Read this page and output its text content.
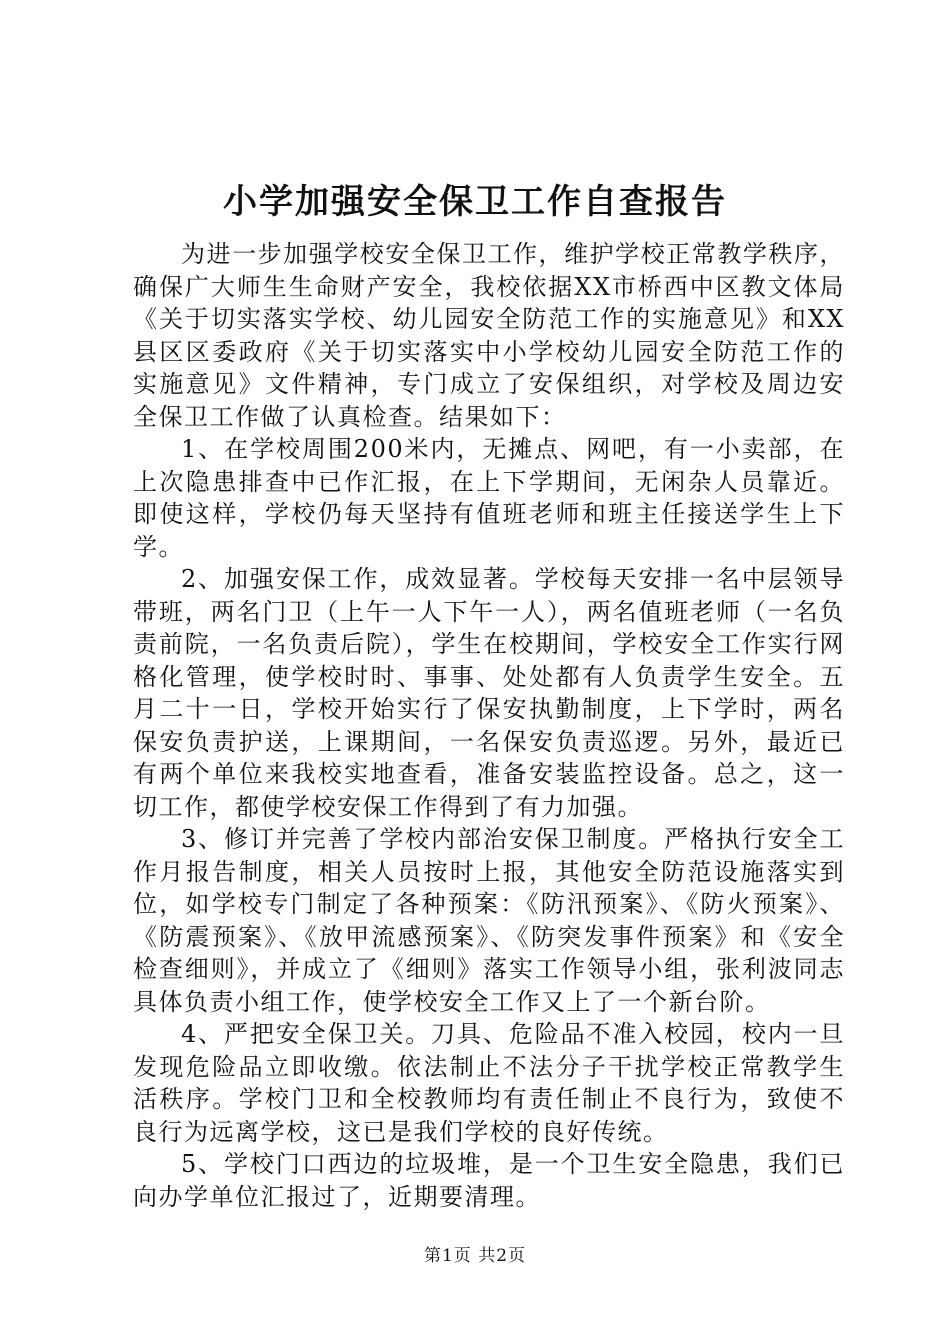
小学加强安全保卫工作自查报告

为进一步加强学校安全保卫工作，维护学校正常教学秩序，确保广大师生生命财产安全，我校依据XX市桥西中区教文体局《关于切实落实学校、幼儿园安全防范工作的实施意见》和XX县区区委政府《关于切实落实中小学校幼儿园安全防范工作的实施意见》文件精神，专门成立了安保组织，对学校及周边安全保卫工作做了认真检查。结果如下：

1、在学校周围200米内，无摊点、网吧，有一小卖部，在上次隐患排查中已作汇报，在上下学期间，无闲杂人员靠近。即使这样，学校仍每天坚持有值班老师和班主任接送学生上下学。

2、加强安保工作，成效显著。学校每天安排一名中层领导带班，两名门卫（上午一人下午一人），两名值班老师（一名负责前院，一名负责后院），学生在校期间，学校安全工作实行网格化管理，使学校时时、事事、处处都有人负责学生安全。五月二十一日，学校开始实行了保安执勤制度，上下学时，两名保安负责护送，上课期间，一名保安负责巡逻。另外，最近已有两个单位来我校实地查看，准备安装监控设备。总之，这一切工作，都使学校安保工作得到了有力加强。

3、修订并完善了学校内部治安保卫制度。严格执行安全工作月报告制度，相关人员按时上报，其他安全防范设施落实到位，如学校专门制定了各种预案：《防汛预案》、《防火预案》、《防震预案》、《放甲流感预案》、《防突发事件预案》和《安全检查细则》，并成立了《细则》落实工作领导小组，张利波同志具体负责小组工作，使学校安全工作又上了一个新台阶。

4、严把安全保卫关。刀具、危险品不准入校园，校内一旦发现危险品立即收缴。依法制止不法分子干扰学校正常教学生活秩序。学校门卫和全校教师均有责任制止不良行为，致使不良行为远离学校，这已是我们学校的良好传统。

5、学校门口西边的垃圾堆，是一个卫生安全隐患，我们已向办学单位汇报过了，近期要清理。

第1页 共2页
